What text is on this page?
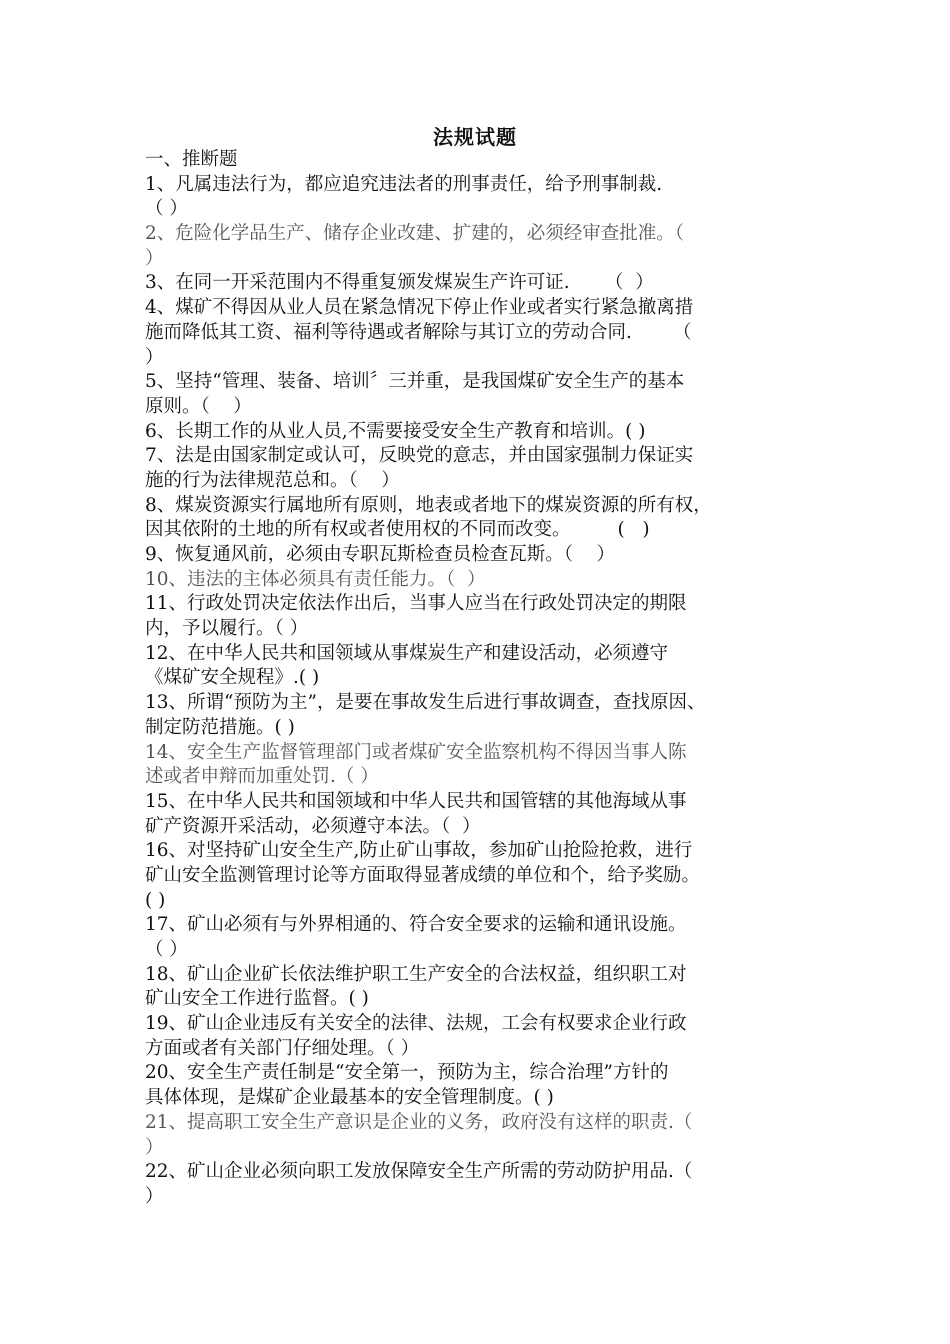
法规试题
一、推断题
1、凡属违法行为，都应追究违法者的刑事责任，给予刑事制裁.
（ ）
2、危险化学品生产、储存企业改建、扩建的，必须经审查批准。（
）
3、在同一开采范围内不得重复颁发煤炭生产许可证.      （  ）
4、煤矿不得因从业人员在紧急情况下停止作业或者实行紧急撤离措
施而降低其工资、福利等待遇或者解除与其订立的劳动合同.       （
）
5、坚持“管理、装备、培训〞三并重，是我国煤矿安全生产的基本
原则。（    ）
6、长期工作的从业人员,不需要接受安全生产教育和培训。( )
7、法是由国家制定或认可，反映党的意志，并由国家强制力保证实
施的行为法律规范总和。（    ）
8、煤炭资源实行属地所有原则，地表或者地下的煤炭资源的所有权，
因其依附的土地的所有权或者使用权的不同而改变。        (   )
9、恢复通风前，必须由专职瓦斯检查员检查瓦斯。（    ）
10、违法的主体必须具有责任能力。（  ）
11、行政处罚决定依法作出后，当事人应当在行政处罚决定的期限
内，予以履行。（ ）
12、在中华人民共和国领域从事煤炭生产和建设活动，必须遵守
《煤矿安全规程》.( )
13、所谓“预防为主”，是要在事故发生后进行事故调查，查找原因、
制定防范措施。( )
14、安全生产监督管理部门或者煤矿安全监察机构不得因当事人陈
述或者申辩而加重处罚.（ ）
15、在中华人民共和国领域和中华人民共和国管辖的其他海域从事
矿产资源开采活动，必须遵守本法。（  ）
16、对坚持矿山安全生产,防止矿山事故，参加矿山抢险抢救，进行
矿山安全监测管理讨论等方面取得显著成绩的单位和个，给予奖励。
( )
17、矿山必须有与外界相通的、符合安全要求的运输和通讯设施。
（ ）
18、矿山企业矿长依法维护职工生产安全的合法权益，组织职工对
矿山安全工作进行监督。( )
19、矿山企业违反有关安全的法律、法规，工会有权要求企业行政
方面或者有关部门仔细处理。（ ）
20、安全生产责任制是“安全第一，预防为主，综合治理”方针的
具体体现，是煤矿企业最基本的安全管理制度。( )
21、提高职工安全生产意识是企业的义务，政府没有这样的职责.（
）
22、矿山企业必须向职工发放保障安全生产所需的劳动防护用品.（
）
